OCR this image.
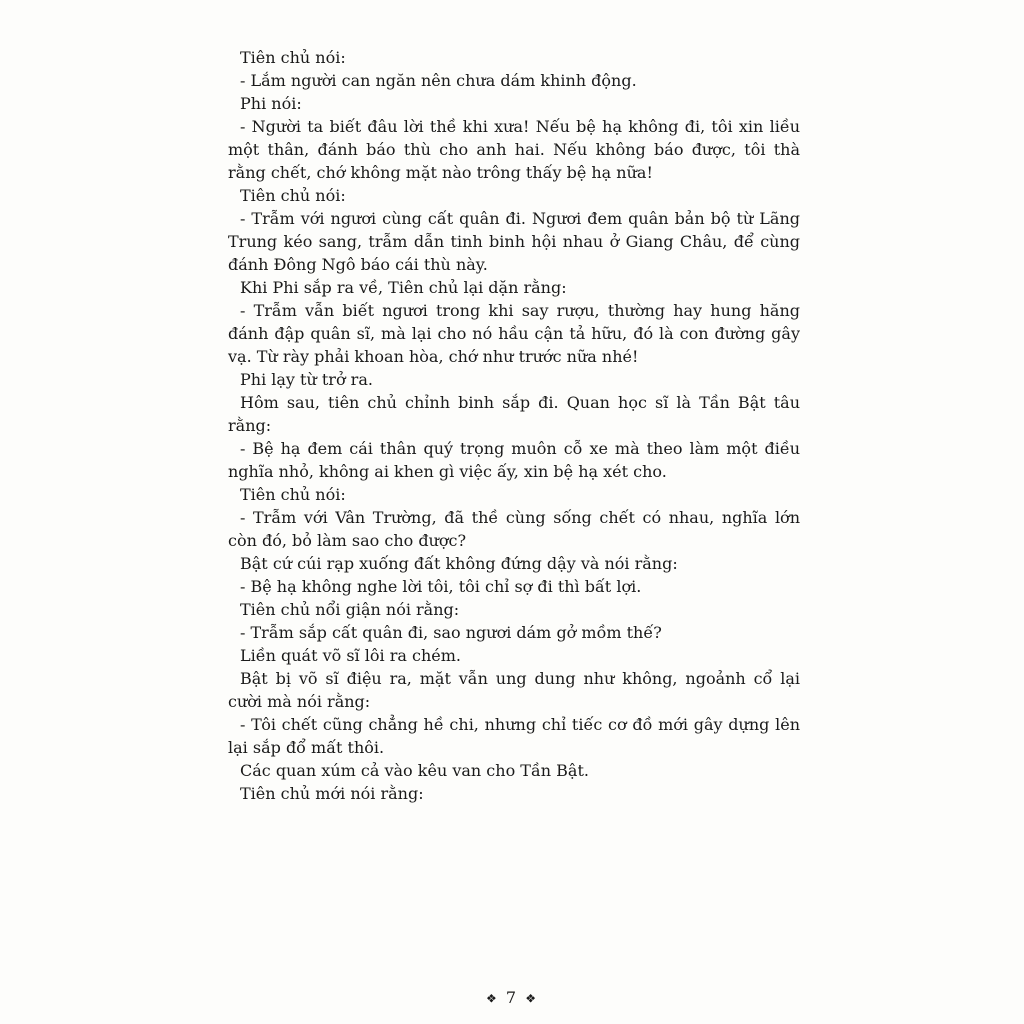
Tiên chủ nói:

- Lắm người can ngăn nên chưa dám khinh động.

Phi nói:

- Người ta biết đâu lời thề khi xưa! Nếu bệ hạ không đi, tôi xin liều một thân, đánh báo thù cho anh hai. Nếu không báo được, tôi thà rằng chết, chớ không mặt nào trông thấy bệ hạ nữa!

Tiên chủ nói:

- Trẫm với ngươi cùng cất quân đi. Ngươi đem quân bản bộ từ Lãng Trung kéo sang, trẫm dẫn tinh binh hội nhau ở Giang Châu, để cùng đánh Đông Ngô báo cái thù này.

Khi Phi sắp ra về, Tiên chủ lại dặn rằng:

- Trẫm vẫn biết ngươi trong khi say rượu, thường hay hung hăng đánh đập quân sĩ, mà lại cho nó hầu cận tả hữu, đó là con đường gây vạ. Từ rày phải khoan hòa, chớ như trước nữa nhé!

Phi lạy từ trở ra.

Hôm sau, tiên chủ chỉnh binh sắp đi. Quan học sĩ là Tần Bật tâu rằng:

- Bệ hạ đem cái thân quý trọng muôn cỗ xe mà theo làm một điều nghĩa nhỏ, không ai khen gì việc ấy, xin bệ hạ xét cho.

Tiên chủ nói:

- Trẫm với Vân Trường, đã thề cùng sống chết có nhau, nghĩa lớn còn đó, bỏ làm sao cho được?

Bật cứ cúi rạp xuống đất không đứng dậy và nói rằng:

- Bệ hạ không nghe lời tôi, tôi chỉ sợ đi thì bất lợi.

Tiên chủ nổi giận nói rằng:

- Trẫm sắp cất quân đi, sao ngươi dám gở mồm thế?

Liền quát võ sĩ lôi ra chém.

Bật bị võ sĩ điệu ra, mặt vẫn ung dung như không, ngoảnh cổ lại cười mà nói rằng:

- Tôi chết cũng chẳng hề chi, nhưng chỉ tiếc cơ đồ mới gây dựng lên lại sắp đổ mất thôi.

Các quan xúm cả vào kêu van cho Tần Bật.

Tiên chủ mới nói rằng:

❖ 7 ❖
